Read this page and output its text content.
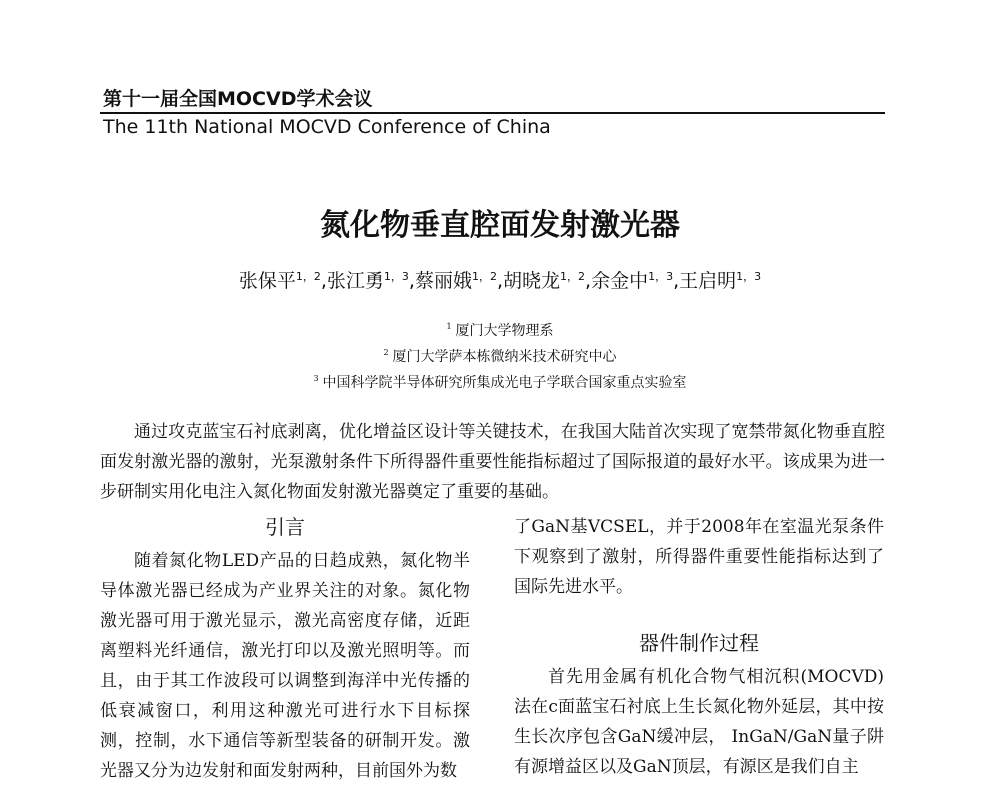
第十一届全国MOCVD学术会议
The 11th National MOCVD Conference of China
氮化物垂直腔面发射激光器
张保平$^{1,2}$,张江勇$^{1,3}$,蔡丽娥$^{1,2}$,胡晓龙$^{1,2}$,余金中$^{1,3}$,王启明$^{1,3}$
$^1$ 厦门大学物理系
$^2$ 厦门大学萨本栋微纳米技术研究中心
$^3$ 中国科学院半导体研究所集成光电子学联合国家重点实验室

通过攻克蓝宝石衬底剥离，优化增益区设计等关键技术，在我国大陆首次实现了宽禁带氮化物垂直腔面发射激光器的激射，光泵激射条件下所得器件重要性能指标超过了国际报道的最好水平。该成果为进一步研制实用化电注入氮化物面发射激光器奠定了重要的基础。

引言

随着氮化物LED产品的日趋成熟，氮化物半导体激光器已经成为产业界关注的对象。氮化物激光器可用于激光显示，激光高密度存储，近距离塑料光纤通信，激光打印以及激光照明等。而且，由于其工作波段可以调整到海洋中光传播的低衰减窗口，利用这种激光可进行水下目标探测，控制，水下通信等新型装备的研制开发。激光器又分为边发射和面发射两种，目前国外为数

了GaN基VCSEL，并于2008年在室温光泵条件下观察到了激射，所得器件重要性能指标达到了国际先进水平。

器件制作过程

首先用金属有机化合物气相沉积(MOCVD)法在c面蓝宝石衬底上生长氮化物外延层，其中按生长次序包含GaN缓冲层， InGaN/GaN量子阱有源增益区以及GaN顶层，有源区是我们自主
